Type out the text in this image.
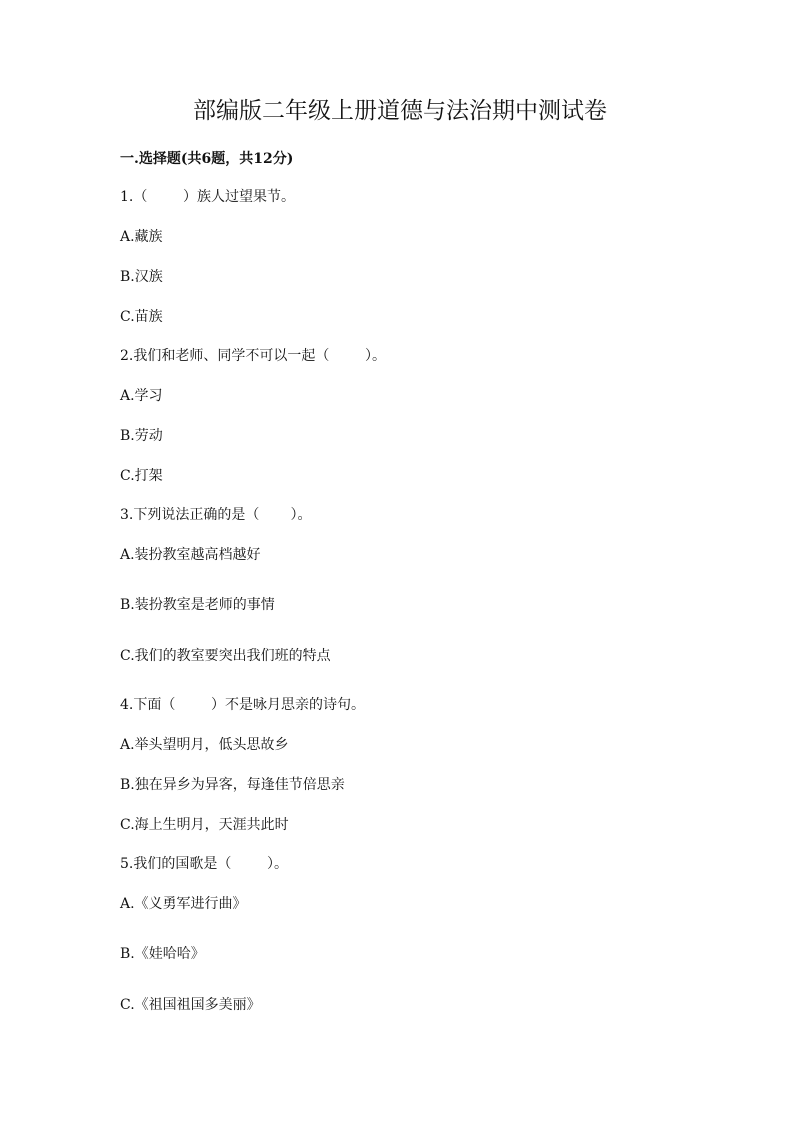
部编版二年级上册道德与法治期中测试卷
一.选择题(共6题，共12分)
1.（        ）族人过望果节。
A.藏族
B.汉族
C.苗族
2.我们和老师、同学不可以一起（        ）。
A.学习
B.劳动
C.打架
3.下列说法正确的是（       ）。
A.装扮教室越高档越好
B.装扮教室是老师的事情
C.我们的教室要突出我们班的特点
4.下面（        ）不是咏月思亲的诗句。
A.举头望明月，低头思故乡
B.独在异乡为异客，每逢佳节倍思亲
C.海上生明月，天涯共此时
5.我们的国歌是（        ）。
A.《义勇军进行曲》
B.《娃哈哈》
C.《祖国祖国多美丽》
